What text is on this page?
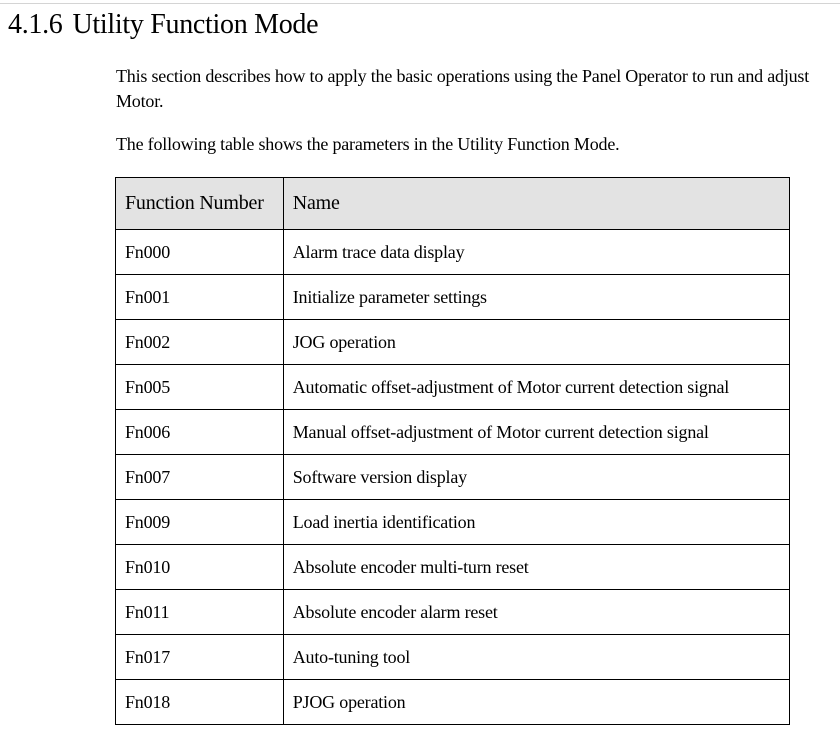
4.1.6 Utility Function Mode

This section describes how to apply the basic operations using the Panel Operator to run and adjust
Motor.

The following table shows the parameters in the Utility Function Mode.

Function Number	Name
Fn000	Alarm trace data display
Fn001	Initialize parameter settings
Fn002	JOG operation
Fn005	Automatic offset-adjustment of Motor current detection signal
Fn006	Manual offset-adjustment of Motor current detection signal
Fn007	Software version display
Fn009	Load inertia identification
Fn010	Absolute encoder multi-turn reset
Fn011	Absolute encoder alarm reset
Fn017	Auto-tuning tool
Fn018	PJOG operation
